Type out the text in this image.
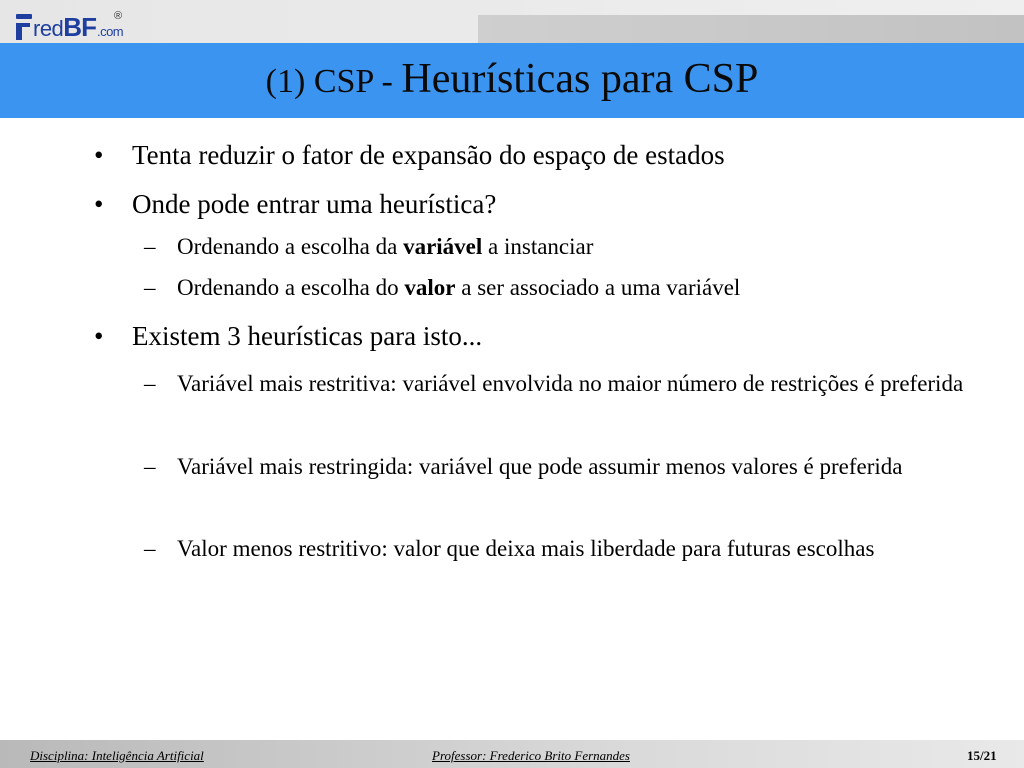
redBF.com
®
(1) CSP - Heurísticas para CSP
• Tenta reduzir o fator de expansão do espaço de estados
• Onde pode entrar uma heurística?
– Ordenando a escolha da variável a instanciar
– Ordenando a escolha do valor a ser associado a uma variável
• Existem 3 heurísticas para isto...
– Variável mais restritiva: variável envolvida no maior número de restrições é preferida
– Variável mais restringida: variável que pode assumir menos valores é preferida
– Valor menos restritivo: valor que deixa mais liberdade para futuras escolhas
Disciplina: Inteligência Artificial	Professor: Frederico Brito Fernandes	15/21
